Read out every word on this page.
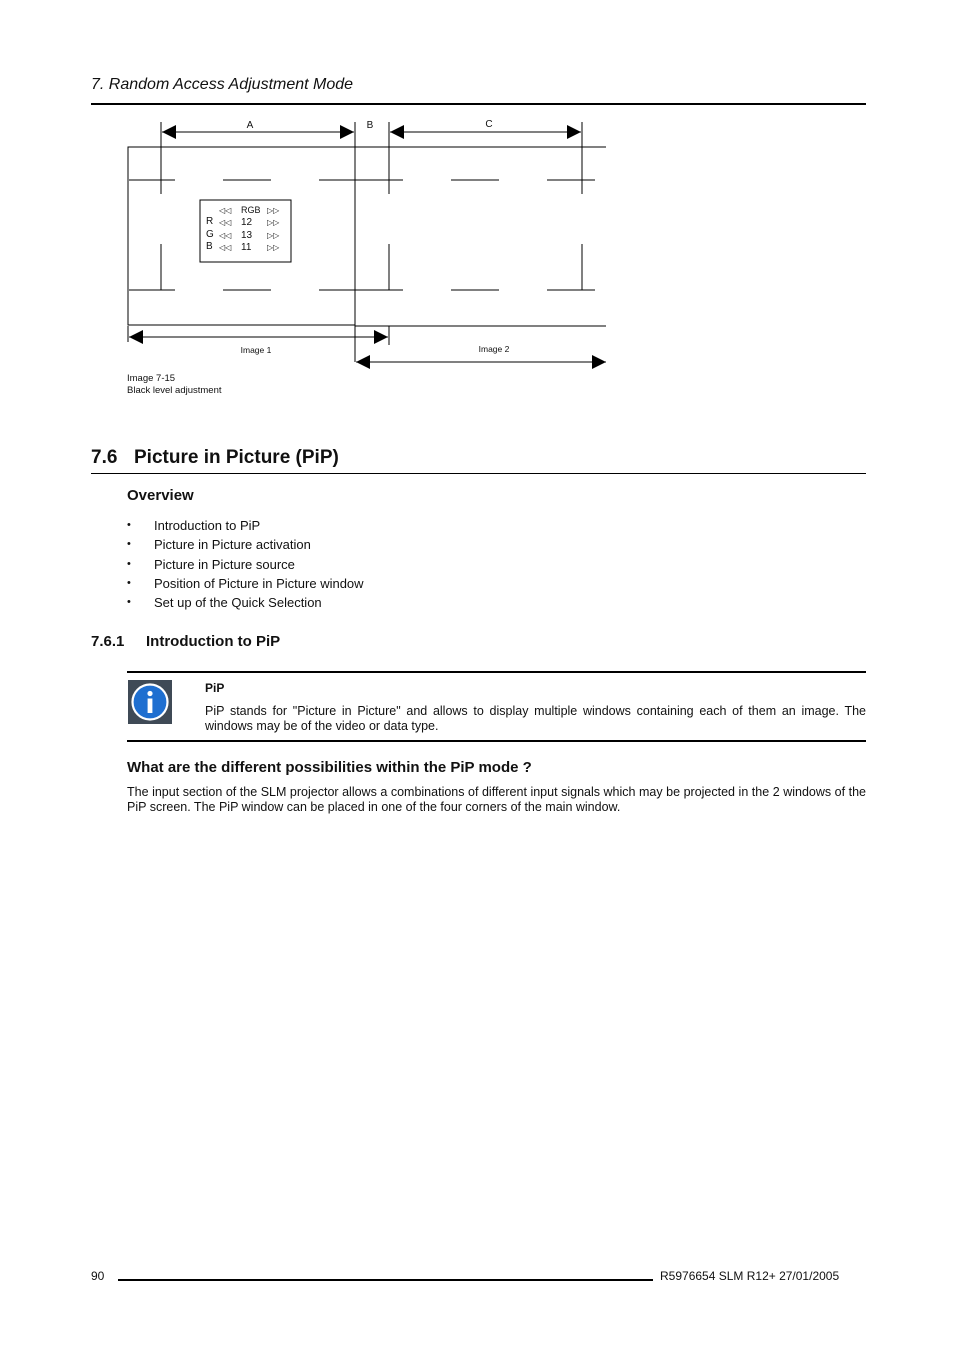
7. Random Access Adjustment Mode
A	B	C
◁◁ RGB ▷▷
R ◁◁ 12 ▷▷
G ◁◁ 13 ▷▷
B ◁◁ 11 ▷▷
Image 1	Image 2
Image 7-15
Black level adjustment
7.6 Picture in Picture (PiP)
Overview
• Introduction to PiP
• Picture in Picture activation
• Picture in Picture source
• Position of Picture in Picture window
• Set up of the Quick Selection
7.6.1 Introduction to PiP
PiP
PiP stands for "Picture in Picture" and allows to display multiple windows containing each of them an image. The windows may be of the video or data type.
What are the different possibilities within the PiP mode ?
The input section of the SLM projector allows a combinations of different input signals which may be projected in the 2 windows of the PiP screen. The PiP window can be placed in one of the four corners of the main window.
90	R5976654 SLM R12+ 27/01/2005
